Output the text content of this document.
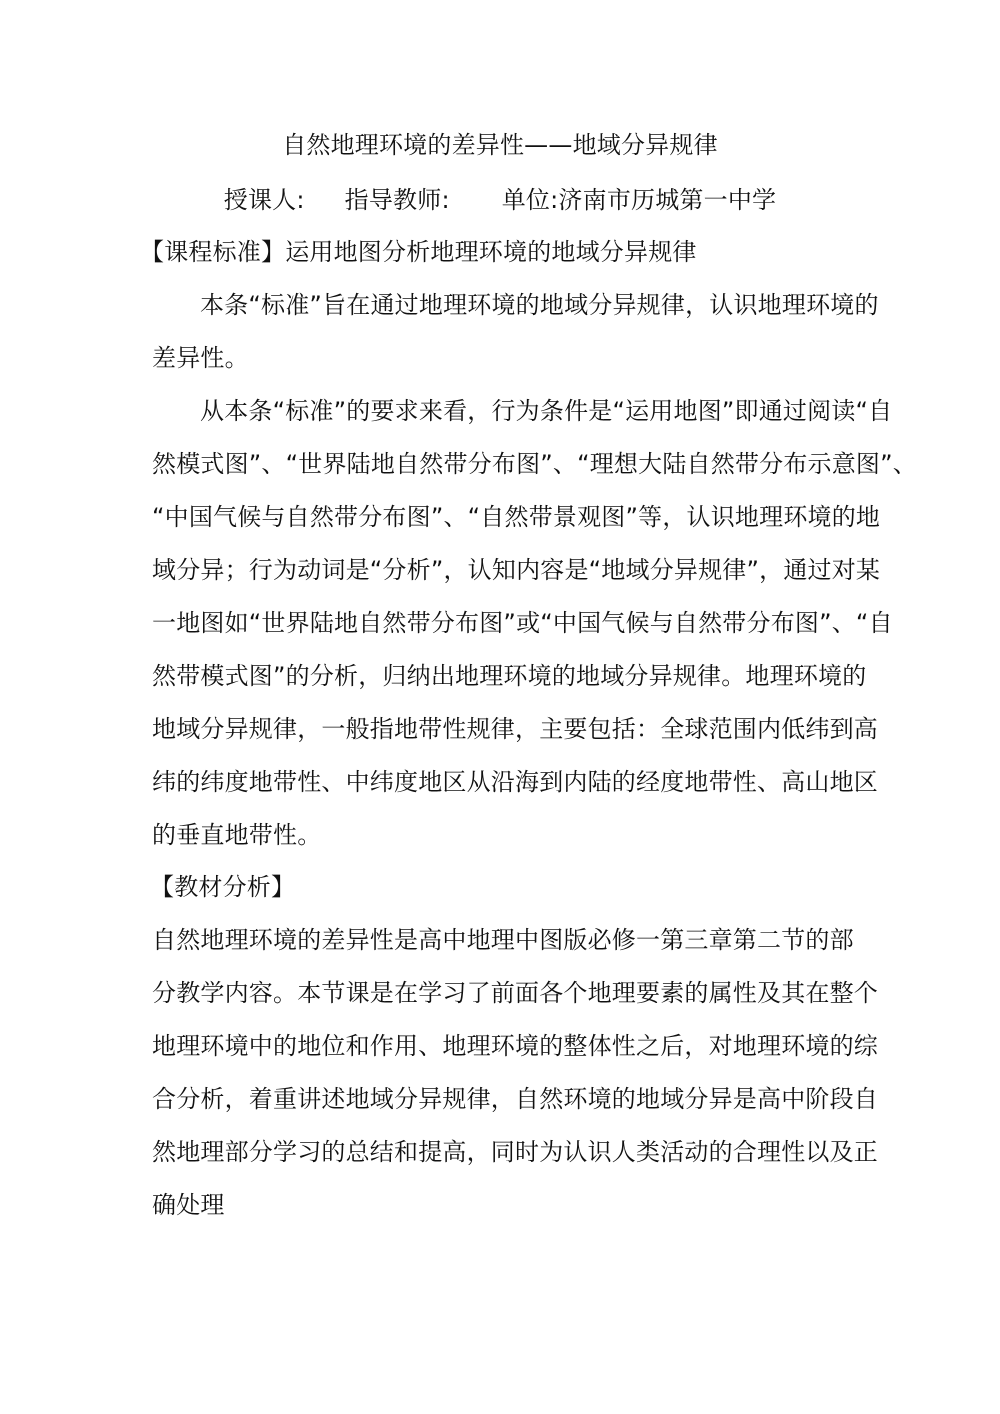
自然地理环境的差异性——地域分异规律
授课人: 指导教师: 单位:济南市历城第一中学
【课程标准】运用地图分析地理环境的地域分异规律
本条“标准”旨在通过地理环境的地域分异规律，认识地理环境的
差异性。
从本条“标准”的要求来看，行为条件是“运用地图”即通过阅读“自
然模式图”、“世界陆地自然带分布图”、“理想大陆自然带分布示意图”、
“中国气候与自然带分布图”、“自然带景观图”等，认识地理环境的地
域分异；行为动词是“分析”，认知内容是“地域分异规律”，通过对某
一地图如“世界陆地自然带分布图”或“中国气候与自然带分布图”、“自
然带模式图”的分析，归纳出地理环境的地域分异规律。地理环境的
地域分异规律，一般指地带性规律，主要包括：全球范围内低纬到高
纬的纬度地带性、中纬度地区从沿海到内陆的经度地带性、高山地区
的垂直地带性。
【教材分析】
自然地理环境的差异性是高中地理中图版必修一第三章第二节的部
分教学内容。本节课是在学习了前面各个地理要素的属性及其在整个
地理环境中的地位和作用、地理环境的整体性之后，对地理环境的综
合分析，着重讲述地域分异规律，自然环境的地域分异是高中阶段自
然地理部分学习的总结和提高，同时为认识人类活动的合理性以及正
确处理
